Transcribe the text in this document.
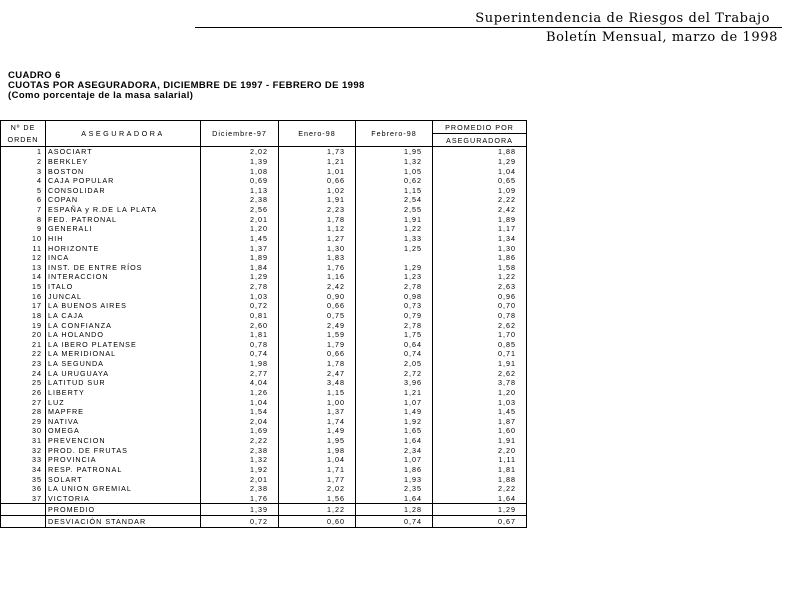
Superintendencia de Riesgos del Trabajo
Boletín Mensual, marzo de 1998
CUADRO 6
CUOTAS POR ASEGURADORA, DICIEMBRE DE 1997 - FEBRERO DE 1998
(Como porcentaje de la masa salarial)
Nº DE
ORDEN	ASEGURADORA	Diciembre-97	Enero-98	Febrero-98	PROMEDIO POR
					ASEGURADORA
1	ASOCIART	2,02	1,73	1,95	1,88
2	BERKLEY	1,39	1,21	1,32	1,29
3	BOSTON	1,08	1,01	1,05	1,04
4	CAJA POPULAR	0,69	0,66	0,62	0,65
5	CONSOLIDAR	1,13	1,02	1,15	1,09
6	COPAN	2,38	1,91	2,54	2,22
7	ESPAÑA y R.DE LA PLATA	2,56	2,23	2,55	2,42
8	FED. PATRONAL	2,01	1,78	1,91	1,89
9	GENERALI	1,20	1,12	1,22	1,17
10	HIH	1,45	1,27	1,33	1,34
11	HORIZONTE	1,37	1,30	1,25	1,30
12	INCA	1,89	1,83		1,86
13	INST. DE ENTRE RÍOS	1,84	1,76	1,29	1,58
14	INTERACCION	1,29	1,16	1,23	1,22
15	ITALO	2,78	2,42	2,78	2,63
16	JUNCAL	1,03	0,90	0,98	0,96
17	LA BUENOS AIRES	0,72	0,66	0,73	0,70
18	LA CAJA	0,81	0,75	0,79	0,78
19	LA CONFIANZA	2,60	2,49	2,78	2,62
20	LA HOLANDO	1,81	1,59	1,75	1,70
21	LA IBERO PLATENSE	0,78	1,79	0,64	0,85
22	LA MERIDIONAL	0,74	0,66	0,74	0,71
23	LA SEGUNDA	1,98	1,78	2,05	1,91
24	LA URUGUAYA	2,77	2,47	2,72	2,62
25	LATITUD SUR	4,04	3,48	3,96	3,78
26	LIBERTY	1,26	1,15	1,21	1,20
27	LUZ	1,04	1,00	1,07	1,03
28	MAPFRE	1,54	1,37	1,49	1,45
29	NATIVA	2,04	1,74	1,92	1,87
30	OMEGA	1,69	1,49	1,65	1,60
31	PREVENCION	2,22	1,95	1,64	1,91
32	PROD. DE FRUTAS	2,38	1,98	2,34	2,20
33	PROVINCIA	1,32	1,04	1,07	1,11
34	RESP. PATRONAL	1,92	1,71	1,86	1,81
35	SOLART	2,01	1,77	1,93	1,88
36	LA UNION GREMIAL	2,38	2,02	2,35	2,22
37	VICTORIA	1,76	1,56	1,64	1,64
	PROMEDIO	1,39	1,22	1,28	1,29
	DESVIACIÓN STANDAR	0,72	0,60	0,74	0,67
